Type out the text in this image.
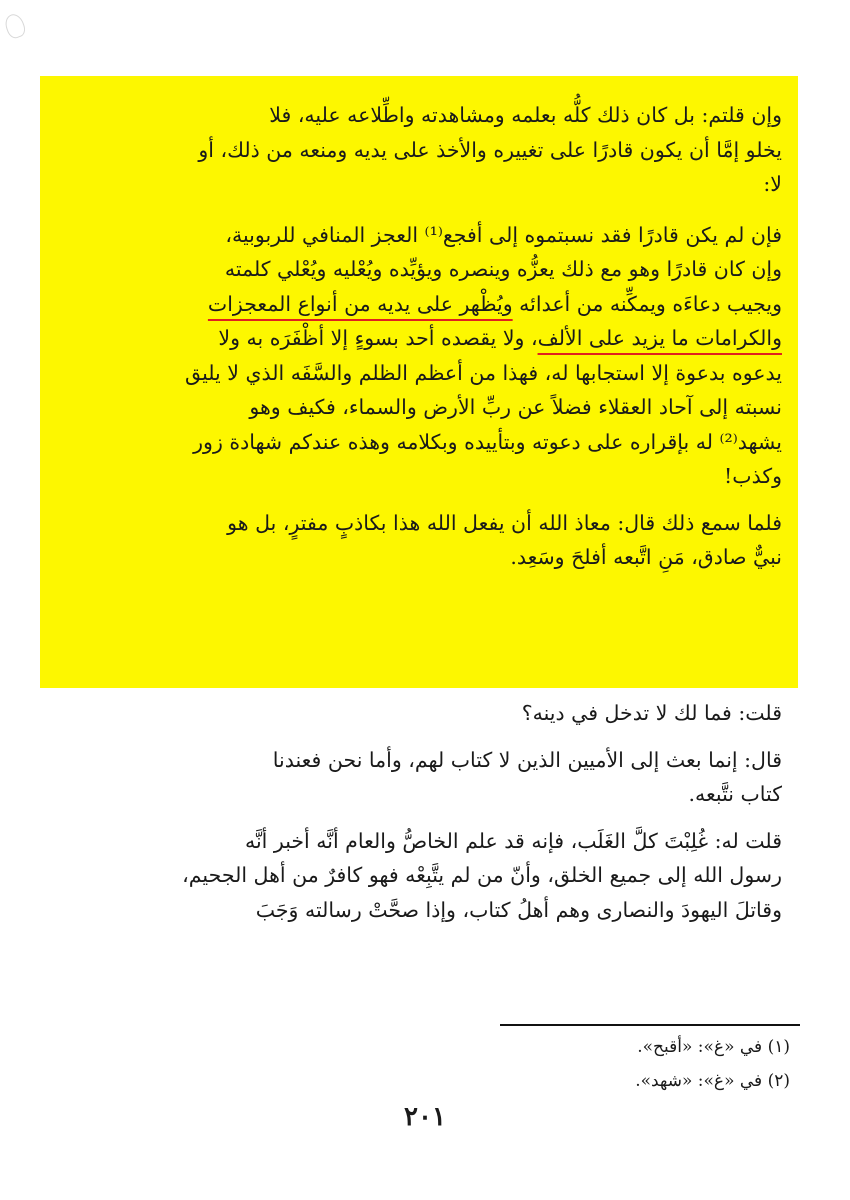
وإن قلتم: بل كان ذلك كلُّه بعلمه ومشاهدته واطِّلاعه عليه، فلا

يخلو إمَّا أن يكون قادرًا على تغييره والأخذ على يديه ومنعه من ذلك، أو

لا:

فإن لم يكن قادرًا فقد نسبتموه إلى أفجع⁽¹⁾ العجز المنافي للربوبية،

وإن كان قادرًا وهو مع ذلك يعزُّه وينصره ويؤيِّده ويُعْليه ويُعْلي كلمته

ويجيب دعاءَه ويمكِّنه من أعدائه ويُظْهر على يديه من أنواع المعجزات

والكرامات ما يزيد على الألف، ولا يقصده أحد بسوءٍ إلا أظْفَرَه به ولا

يدعوه بدعوة إلا استجابها له، فهذا من أعظم الظلم والسَّفَه الذي لا يليق

نسبته إلى آحاد العقلاء فضلاً عن ربِّ الأرض والسماء، فكيف وهو

يشهد⁽²⁾ له بإقراره على دعوته وبتأييده وبكلامه وهذه عندكم شهادة زور

وكذب!

فلما سمع ذلك قال: معاذ الله أن يفعل الله هذا بكاذبٍ مفترٍ، بل هو

نبيٌّ صادق، مَنِ اتَّبعه أفلحَ وسَعِد.

قلت: فما لك لا تدخل في دينه؟

قال: إنما بعث إلى الأميين الذين لا كتاب لهم، وأما نحن فعندنا

كتاب نتَّبعه.

قلت له: غُلِبْتَ كلَّ الغَلَب، فإنه قد علم الخاصُّ والعام أنَّه أخبر أنَّه

رسول الله إلى جميع الخلق، وأنّ من لم يتَّبِعْه فهو كافرٌ من أهل الجحيم،

وقاتلَ اليهودَ والنصارى وهم أهلُ كتاب، وإذا صحَّتْ رسالته وَجَبَ

(١) في «غ»: «أقبح».
(٢) في «غ»: «شهد».
٢٠١
